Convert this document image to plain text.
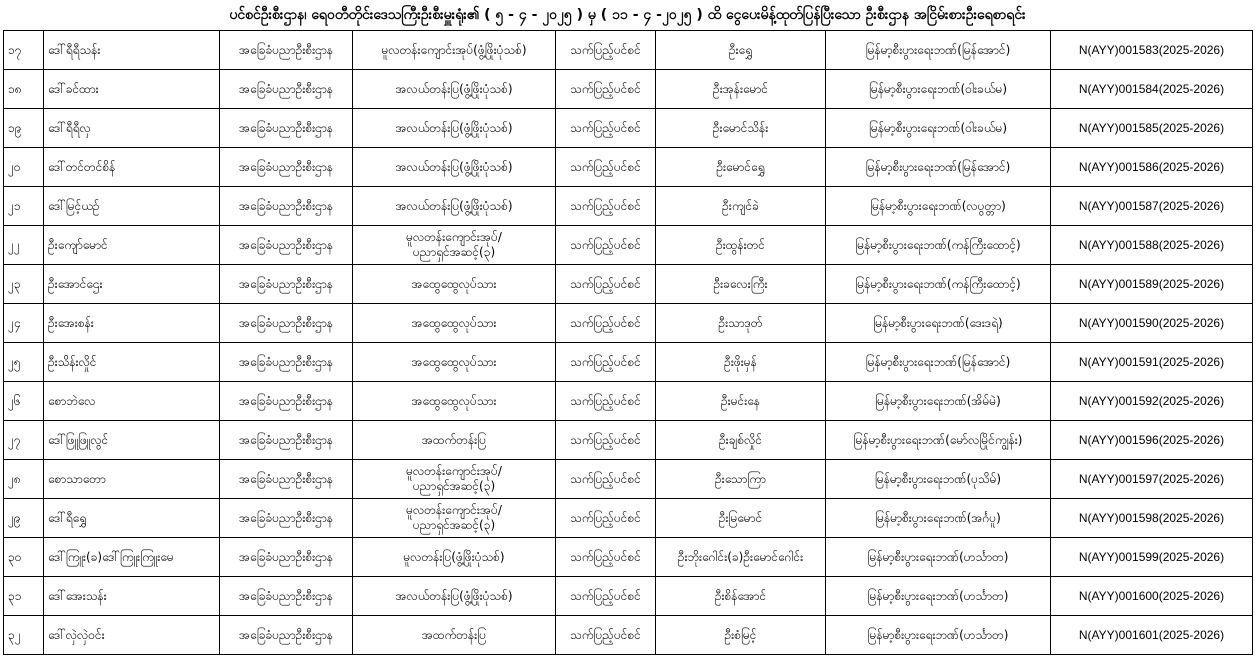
ပင်စင်ဦးစီးဌာန၊ ရေဝတီတိုင်းဒေသကြီးဦးစီးမှူးရုံး၏ ( ၅ - ၄ - ၂၀၂၅ ) မှ ( ၁၁ - ၄ -၂၀၂၅ ) ထိ ငွေပေးမိန့်ထုတ်ပြန်ပြီးသော ဦးစီးဌာန အငြိမ်းစားဦးရေစာရင်း
၁၇	ဒေါ်ရီရီသန်း	အခြေခံပညာဦးစီးဌာန	မူလတန်းကျောင်းအုပ်(ဖွံ့ဖြိုးပုံသစ်)	သက်ပြည့်ပင်စင်	ဦးရွှေ	မြန်မာ့စီးပွားရေးဘဏ်(မြန်အောင်)	N(AYY)001583(2025-2026)
၁၈	ဒေါ်ခင်ထား	အခြေခံပညာဦးစီးဌာန	အလယ်တန်းပြ(ဖွံ့ဖြိုးပုံသစ်)	သက်ပြည့်ပင်စင်	ဦးအုန်းမောင်	မြန်မာ့စီးပွားရေးဘဏ်(ဝါးခယ်မ)	N(AYY)001584(2025-2026)
၁၉	ဒေါ်ရီရီလှ	အခြေခံပညာဦးစီးဌာန	အလယ်တန်းပြ(ဖွံ့ဖြိုးပုံသစ်)	သက်ပြည့်ပင်စင်	ဦးမောင်သိန်း	မြန်မာ့စီးပွားရေးဘဏ်(ဝါးခယ်မ)	N(AYY)001585(2025-2026)
၂၀	ဒေါ်တင်တင်စိန်	အခြေခံပညာဦးစီးဌာန	အလယ်တန်းပြ(ဖွံ့ဖြိုးပုံသစ်)	သက်ပြည့်ပင်စင်	ဦးမောင်ရွှေ	မြန်မာ့စီးပွားရေးဘဏ်(မြန်အောင်)	N(AYY)001586(2025-2026)
၂၁	ဒေါ်မြင့်ယဉ်	အခြေခံပညာဦးစီးဌာန	အလယ်တန်းပြ(ဖွံ့ဖြိုးပုံသစ်)	သက်ပြည့်ပင်စင်	ဦးကျင်ခဲ	မြန်မာ့စီးပွားရေးဘဏ်(လပွတ္တာ)	N(AYY)001587(2025-2026)
၂၂	ဦးကျော်မောင်	အခြေခံပညာဦးစီးဌာန	မူလတန်းကျောင်းအုပ်/
ပညာရှင်အဆင့်(၃)	သက်ပြည့်ပင်စင်	ဦးထွန်းတင်	မြန်မာ့စီးပွားရေးဘဏ်(ကန်ကြီးထောင့်)	N(AYY)001588(2025-2026)
၂၃	ဦးအောင်ဌေး	အခြေခံပညာဦးစီးဌာန	အထွေထွေလုပ်သား	သက်ပြည့်ပင်စင်	ဦးခလေးကြီး	မြန်မာ့စီးပွားရေးဘဏ်(ကန်ကြီးထောင့်)	N(AYY)001589(2025-2026)
၂၄	ဦးအေးစန်း	အခြေခံပညာဦးစီးဌာန	အထွေထွေလုပ်သား	သက်ပြည့်ပင်စင်	ဦးသာဒုတ်	မြန်မာ့စီးပွားရေးဘဏ်(ဒေးဒရဲ)	N(AYY)001590(2025-2026)
၂၅	ဦးသိန်းလှိုင်	အခြေခံပညာဦးစီးဌာန	အထွေထွေလုပ်သား	သက်ပြည့်ပင်စင်	ဦးဖိုးမှန်	မြန်မာ့စီးပွားရေးဘဏ်(မြန်အောင်)	N(AYY)001591(2025-2026)
၂၆	စောဘဲလေ	အခြေခံပညာဦးစီးဌာန	အထွေထွေလုပ်သား	သက်ပြည့်ပင်စင်	ဦးမင်းနေ	မြန်မာ့စီးပွားရေးဘဏ်(အိမ်မဲ)	N(AYY)001592(2025-2026)
၂၇	ဒေါ်ဖြူဖြူလွင်	အခြေခံပညာဦးစီးဌာန	အထက်တန်းပြ	သက်ပြည့်ပင်စင်	ဦးချစ်လှိုင်	မြန်မာ့စီးပွားရေးဘဏ်(မော်လမြိုင်ကျွန်း)	N(AYY)001596(2025-2026)
၂၈	စောသာတော	အခြေခံပညာဦးစီးဌာန	မူလတန်းကျောင်းအုပ်/
ပညာရှင်အဆင့်(၃)	သက်ပြည့်ပင်စင်	ဦးသောကြာ	မြန်မာ့စီးပွားရေးဘဏ်(ပုသိမ်)	N(AYY)001597(2025-2026)
၂၉	ဒေါ်ရီရွှေ	အခြေခံပညာဦးစီးဌာန	မူလတန်းကျောင်းအုပ်/
ပညာရှင်အဆင့်(၃)	သက်ပြည့်ပင်စင်	ဦးမြမောင်	မြန်မာ့စီးပွားရေးဘဏ်(အင်္ဂပူ)	N(AYY)001598(2025-2026)
၃၀	ဒေါ်ကြူး(ခ)ဒေါ်ကြူးကြူးမေ	အခြေခံပညာဦးစီးဌာန	မူလတန်းပြ(ဖွံ့ဖြိုးပုံသစ်)	သက်ပြည့်ပင်စင်	ဦးဘိုးဂေါင်း(ခ)ဦးမောင်ဂေါင်း	မြန်မာ့စီးပွားရေးဘဏ်(ဟင်္သာတ)	N(AYY)001599(2025-2026)
၃၁	ဒေါ်အေးသန်း	အခြေခံပညာဦးစီးဌာန	အလယ်တန်းပြ(ဖွံ့ဖြိုးပုံသစ်)	သက်ပြည့်ပင်စင်	ဦးစိန်အောင်	မြန်မာ့စီးပွားရေးဘဏ်(ဟင်္သာတ)	N(AYY)001600(2025-2026)
၃၂	ဒေါ်လှဲလှဲဝင်း	အခြေခံပညာဦးစီးဌာန	အထက်တန်းပြ	သက်ပြည့်ပင်စင်	ဦးစံမြင့်	မြန်မာ့စီးပွားရေးဘဏ်(ဟင်္သာတ)	N(AYY)001601(2025-2026)
